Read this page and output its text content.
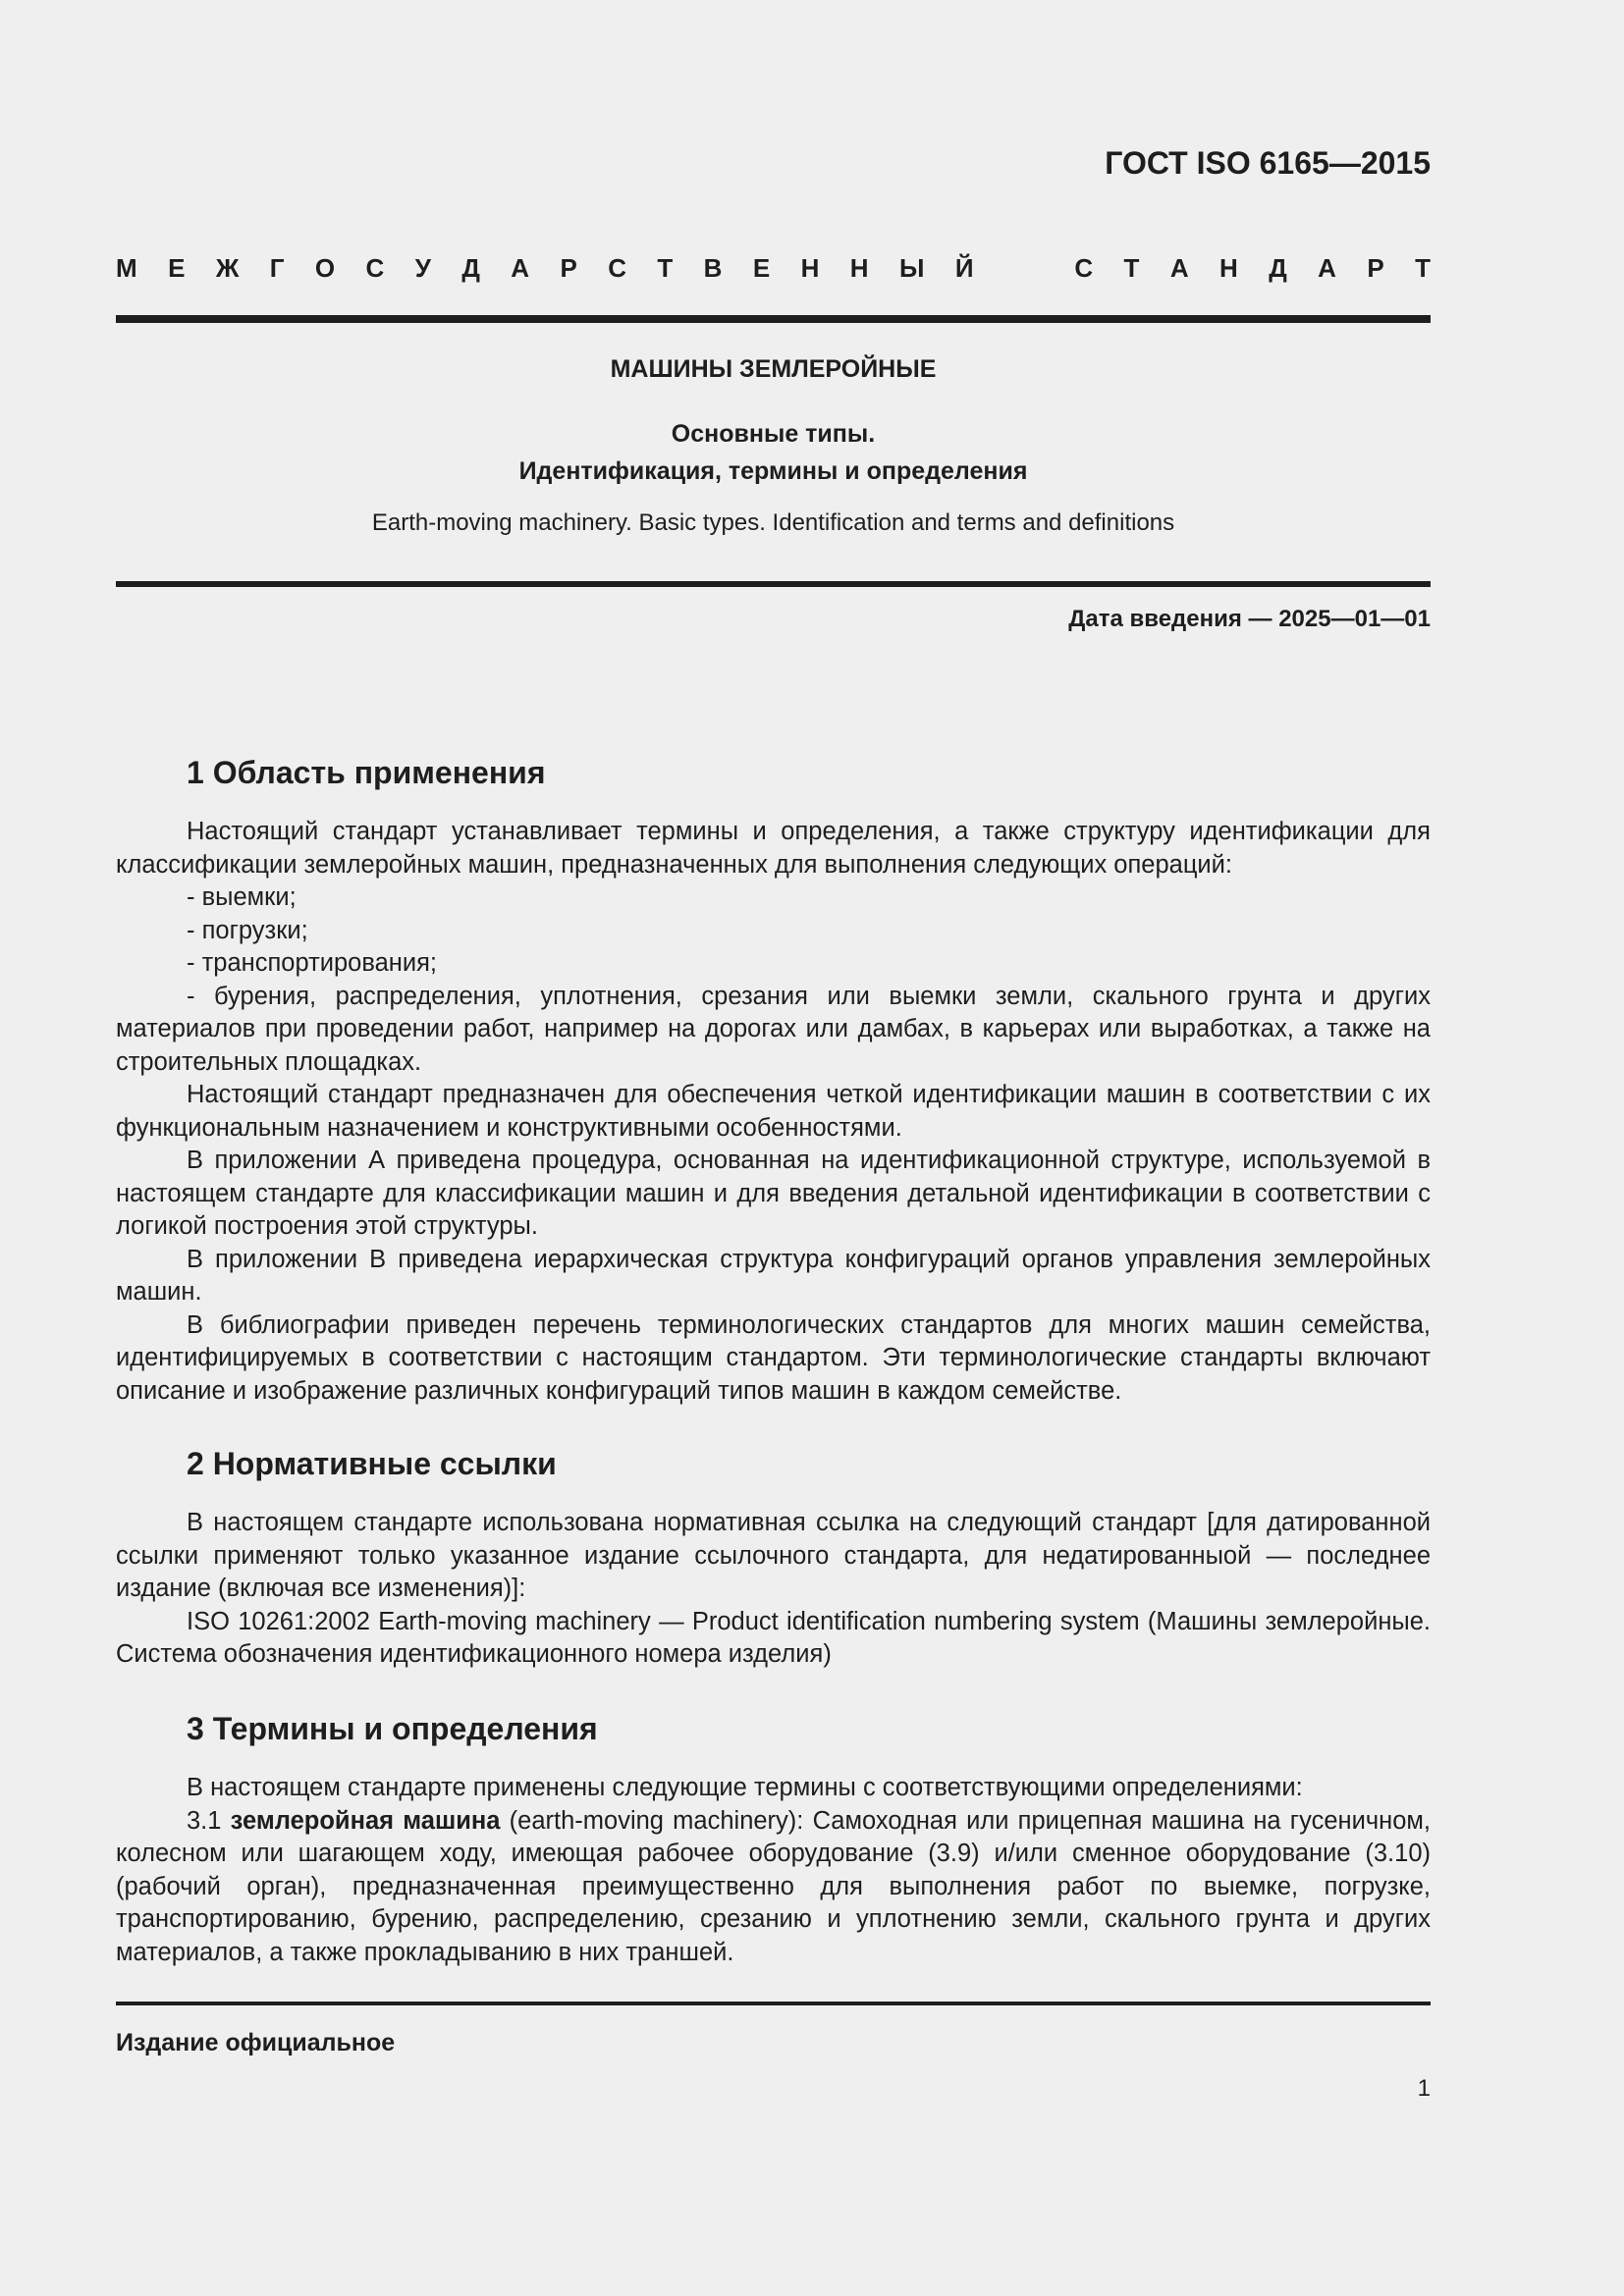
ГОСТ ISO 6165—2015
М Е Ж Г О С У Д А Р С Т В Е Н Н Ы Й	С Т А Н Д А Р Т
МАШИНЫ ЗЕМЛЕРОЙНЫЕ
Основные типы.
Идентификация, термины и определения
Earth-moving machinery. Basic types. Identification and terms and definitions
Дата введения — 2025—01—01
1 Область применения

Настоящий стандарт устанавливает термины и определения, а также структуру идентификации для классификации землеройных машин, предназначенных для выполнения следующих операций:

- выемки;
- погрузки;
- транспортирования;
- бурения, распределения, уплотнения, срезания или выемки земли, скального грунта и других материалов при проведении работ, например на дорогах или дамбах, в карьерах или выработках, а также на строительных площадках.

Настоящий стандарт предназначен для обеспечения четкой идентификации машин в соответствии с их функциональным назначением и конструктивными особенностями.

В приложении А приведена процедура, основанная на идентификационной структуре, используемой в настоящем стандарте для классификации машин и для введения детальной идентификации в соответствии с логикой построения этой структуры.

В приложении В приведена иерархическая структура конфигураций органов управления землеройных машин.

В библиографии приведен перечень терминологических стандартов для многих машин семейства, идентифицируемых в соответствии с настоящим стандартом. Эти терминологические стандарты включают описание и изображение различных конфигураций типов машин в каждом семействе.

2 Нормативные ссылки

В настоящем стандарте использована нормативная ссылка на следующий стандарт [для датированной ссылки применяют только указанное издание ссылочного стандарта, для недатированныой — последнее издание (включая все изменения)]:

ISO 10261:2002 Earth-moving machinery — Product identification numbering system (Машины землеройные. Система обозначения идентификационного номера изделия)

3 Термины и определения

В настоящем стандарте применены следующие термины с соответствующими определениями:

3.1 землеройная машина (earth-moving machinery): Самоходная или прицепная машина на гусеничном, колесном или шагающем ходу, имеющая рабочее оборудование (3.9) и/или сменное оборудование (3.10) (рабочий орган), предназначенная преимущественно для выполнения работ по выемке, погрузке, транспортированию, бурению, распределению, срезанию и уплотнению земли, скального грунта и других материалов, а также прокладыванию в них траншей.

Издание официальное
1
